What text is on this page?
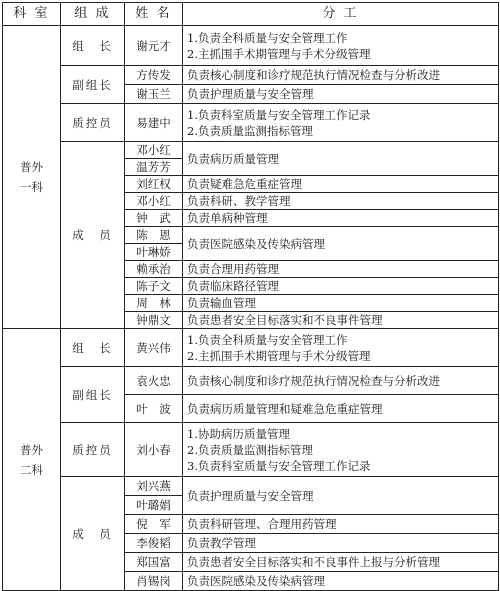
科 室	组 成	姓 名	分 工

普外
一科	组　长	谢元才	1.负责全科质量与安全管理工作
2.主抓围手术期管理与手术分级管理

	副组长	方传发	负责核心制度和诊疗规范执行情况检查与分析改进

		谢玉兰	负责护理质量与安全管理

	质控员	易建中	1.负责科室质量与安全管理工作记录
2.负责质量监测指标管理

	成　员	邓小红	负责病历质量管理

		温芳芳	

		刘红权	负责疑难急危重症管理

		邓小红	负责科研、教学管理

		钟　武	负责单病种管理

		陈　恩	负责医院感染及传染病管理

		叶琳娇	

		赖承治	负责合理用药管理

		陈子文	负责临床路径管理

		周　林	负责输血管理

		钟鼎文	负责患者安全目标落实和不良事件管理

普外
二科	组　长	黄兴伟	1.负责全科质量与安全管理工作
2.主抓围手术期管理与手术分级管理

	副组长	袁火忠	负责核心制度和诊疗规范执行情况检查与分析改进

		叶　波	负责病历质量管理和疑难急危重症管理

	质控员	刘小春	1.协助病历质量管理
2.负责质量监测指标管理
3.负责科室质量与安全管理工作记录

	成　员	刘兴燕	负责护理质量与安全管理

		叶璐娟	

		倪　军	负责科研管理、合理用药管理

		李俊韬	负责教学管理

		郑国富	负责患者安全目标落实和不良事件上报与分析管理

		肖锡岗	负责医院感染及传染病管理
